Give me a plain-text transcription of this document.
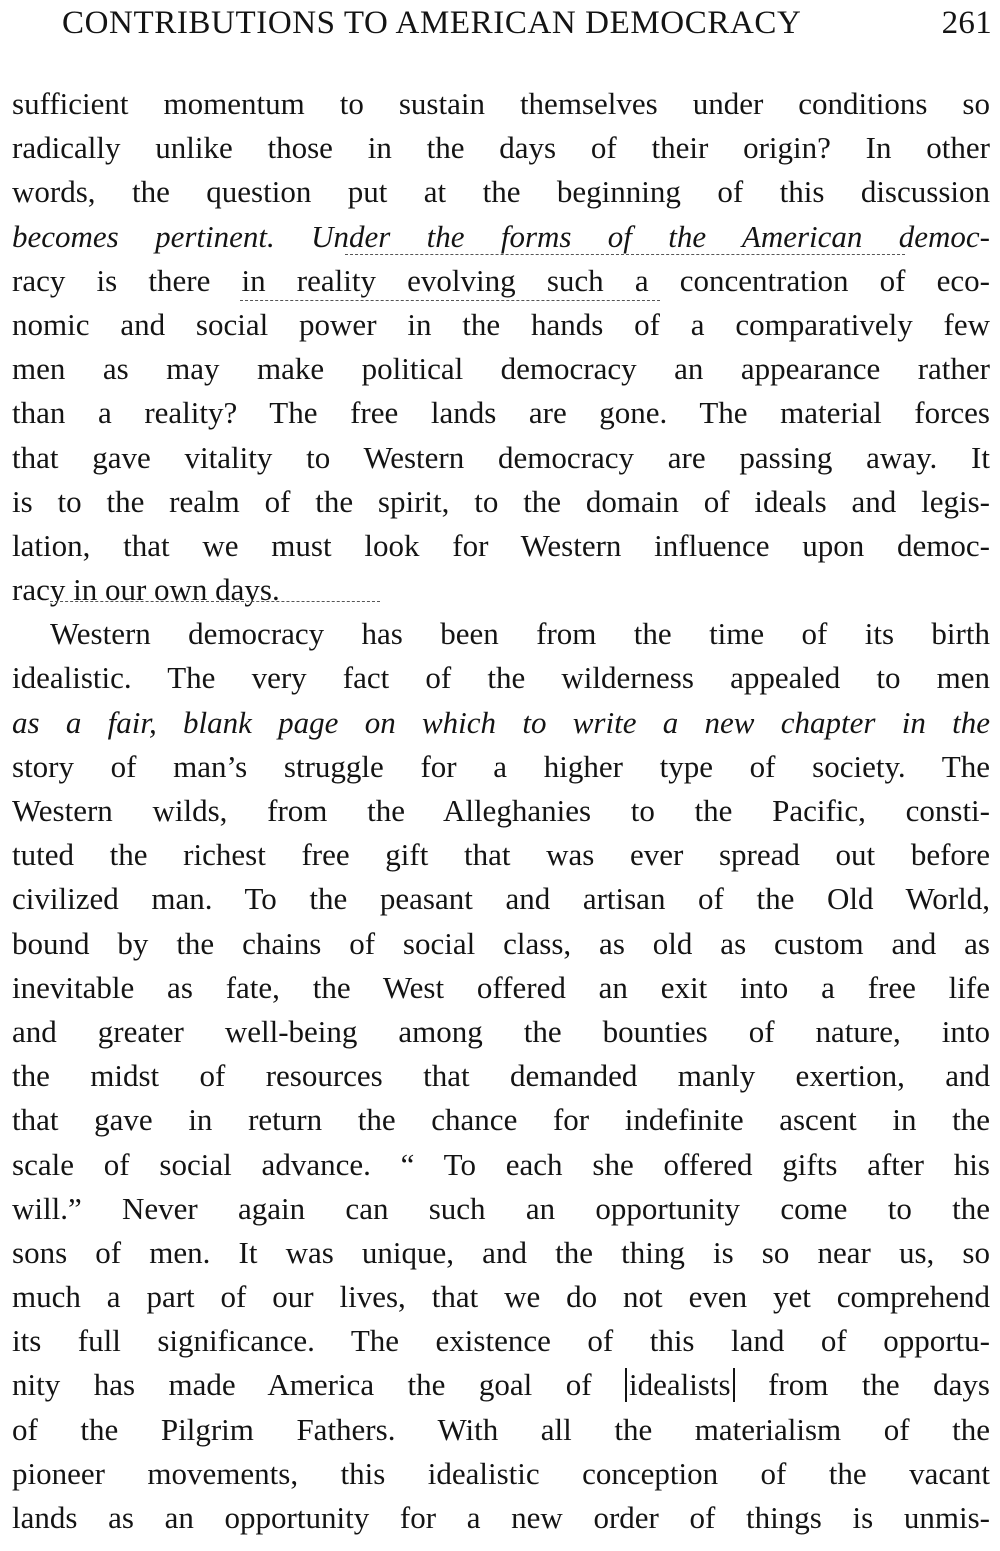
CONTRIBUTIONS TO AMERICAN DEMOCRACY	261
sufficient momentum to sustain themselves under conditions so
radically unlike those in the days of their origin? In other
words, the question put at the beginning of this discussion
becomes pertinent. Under the forms of the American democ-
racy is there in reality evolving such a concentration of eco-
nomic and social power in the hands of a comparatively few
men as may make political democracy an appearance rather
than a reality? The free lands are gone. The material forces
that gave vitality to Western democracy are passing away. It
is to the realm of the spirit, to the domain of ideals and legis-
lation, that we must look for Western influence upon democ-
racy in our own days.
Western democracy has been from the time of its birth
idealistic. The very fact of the wilderness appealed to men
as a fair, blank page on which to write a new chapter in the
story of man’s struggle for a higher type of society. The
Western wilds, from the Alleghanies to the Pacific, consti-
tuted the richest free gift that was ever spread out before
civilized man. To the peasant and artisan of the Old World,
bound by the chains of social class, as old as custom and as
inevitable as fate, the West offered an exit into a free life
and greater well-being among the bounties of nature, into
the midst of resources that demanded manly exertion, and
that gave in return the chance for indefinite ascent in the
scale of social advance. “ To each she offered gifts after his
will.” Never again can such an opportunity come to the
sons of men. It was unique, and the thing is so near us, so
much a part of our lives, that we do not even yet comprehend
its full significance. The existence of this land of opportu-
nity has made America the goal of idealists from the days
of the Pilgrim Fathers. With all the materialism of the
pioneer movements, this idealistic conception of the vacant
lands as an opportunity for a new order of things is unmis-
